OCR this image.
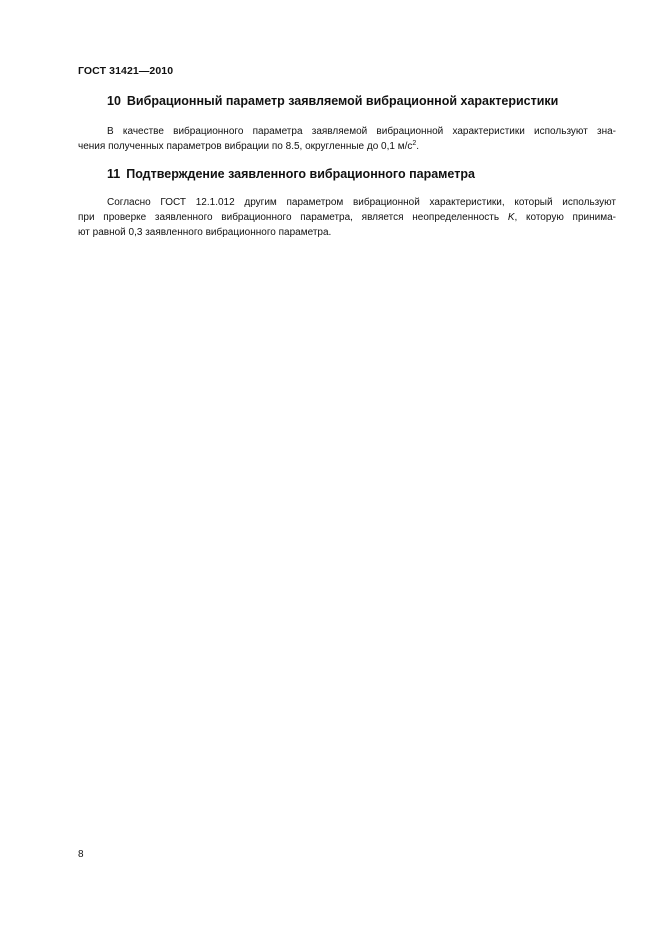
ГОСТ 31421—2010
10 Вибрационный параметр заявляемой вибрационной характеристики
В качестве вибрационного параметра заявляемой вибрационной характеристики используют зна-
чения полученных параметров вибрации по 8.5, округленные до 0,1 $м/с^2$.
11 Подтверждение заявленного вибрационного параметра
Согласно ГОСТ 12.1.012 другим параметром вибрационной характеристики, который используют
при проверке заявленного вибрационного параметра, является неопределенность K, которую принима-
ют равной 0,3 заявленного вибрационного параметра.
8
